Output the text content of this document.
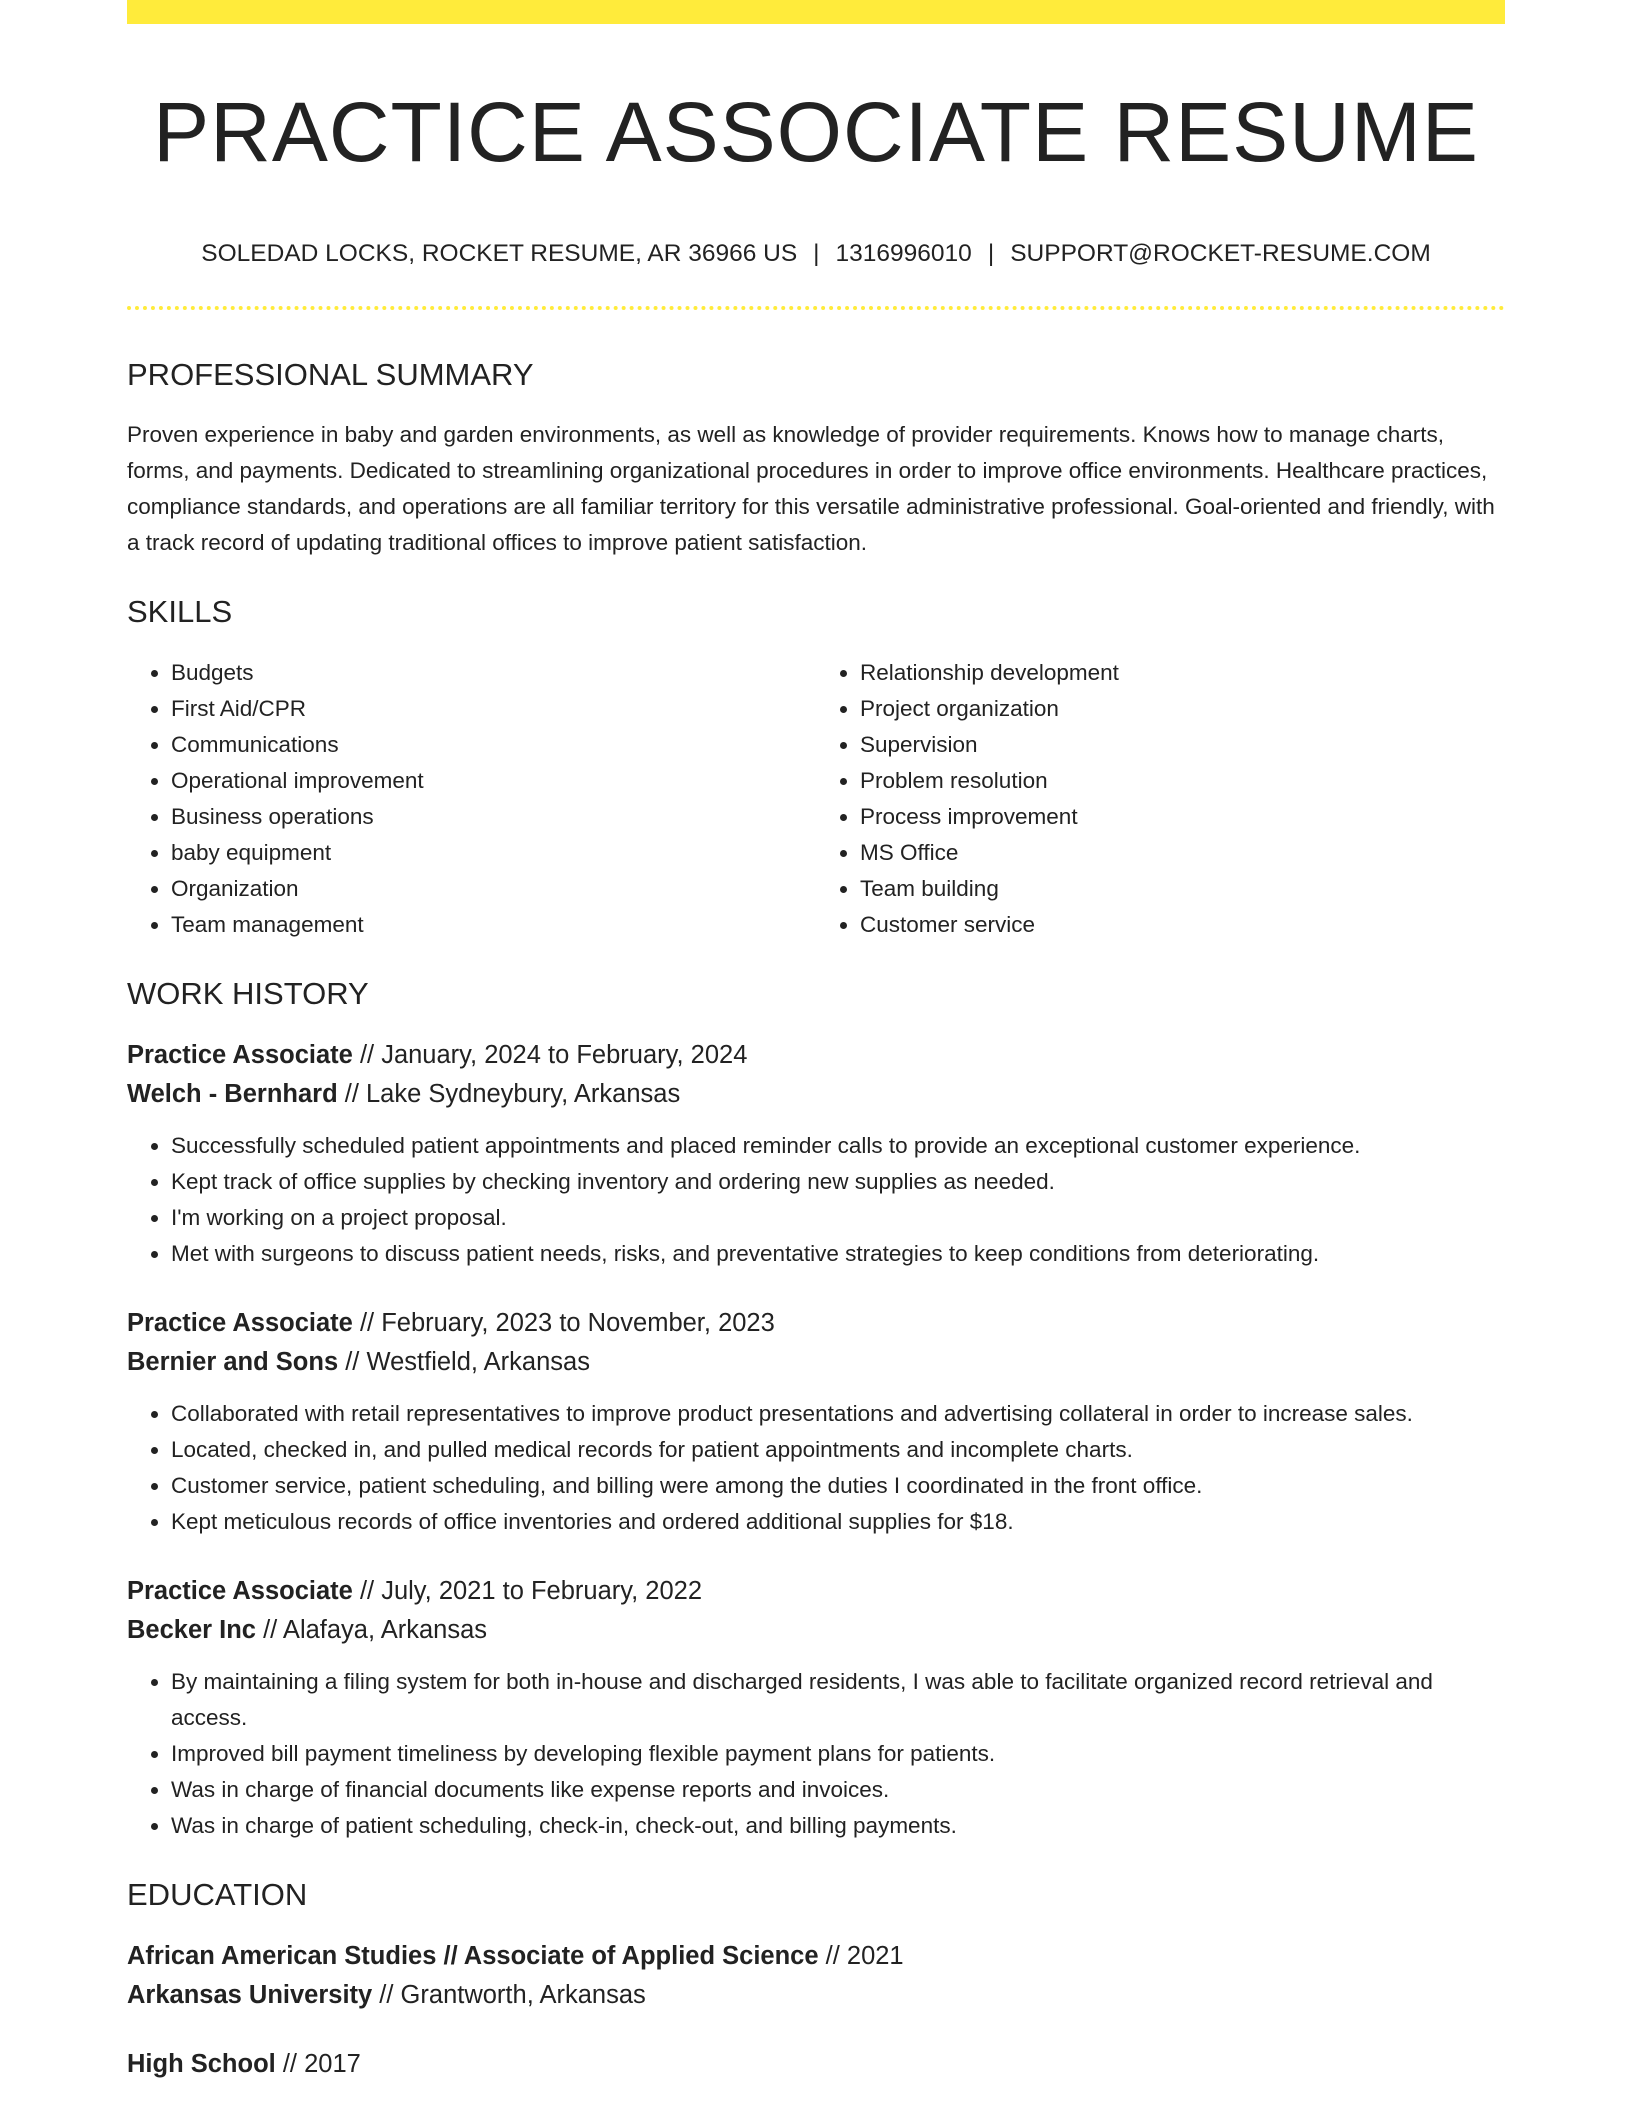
PRACTICE ASSOCIATE RESUME
SOLEDAD LOCKS, ROCKET RESUME, AR 36966 US | 1316996010 | SUPPORT@ROCKET-RESUME.COM
PROFESSIONAL SUMMARY
Proven experience in baby and garden environments, as well as knowledge of provider requirements. Knows how to manage charts, forms, and payments. Dedicated to streamlining organizational procedures in order to improve office environments. Healthcare practices, compliance standards, and operations are all familiar territory for this versatile administrative professional. Goal-oriented and friendly, with a track record of updating traditional offices to improve patient satisfaction.
SKILLS
• Budgets
• First Aid/CPR
• Communications
• Operational improvement
• Business operations
• baby equipment
• Organization
• Team management
• Relationship development
• Project organization
• Supervision
• Problem resolution
• Process improvement
• MS Office
• Team building
• Customer service
WORK HISTORY
Practice Associate // January, 2024 to February, 2024
Welch - Bernhard // Lake Sydneybury, Arkansas
• Successfully scheduled patient appointments and placed reminder calls to provide an exceptional customer experience.
• Kept track of office supplies by checking inventory and ordering new supplies as needed.
• I'm working on a project proposal.
• Met with surgeons to discuss patient needs, risks, and preventative strategies to keep conditions from deteriorating.
Practice Associate // February, 2023 to November, 2023
Bernier and Sons // Westfield, Arkansas
• Collaborated with retail representatives to improve product presentations and advertising collateral in order to increase sales.
• Located, checked in, and pulled medical records for patient appointments and incomplete charts.
• Customer service, patient scheduling, and billing were among the duties I coordinated in the front office.
• Kept meticulous records of office inventories and ordered additional supplies for $18.
Practice Associate // July, 2021 to February, 2022
Becker Inc // Alafaya, Arkansas
• By maintaining a filing system for both in-house and discharged residents, I was able to facilitate organized record retrieval and access.
• Improved bill payment timeliness by developing flexible payment plans for patients.
• Was in charge of financial documents like expense reports and invoices.
• Was in charge of patient scheduling, check-in, check-out, and billing payments.
EDUCATION
African American Studies // Associate of Applied Science // 2021
Arkansas University // Grantworth, Arkansas
High School // 2017
